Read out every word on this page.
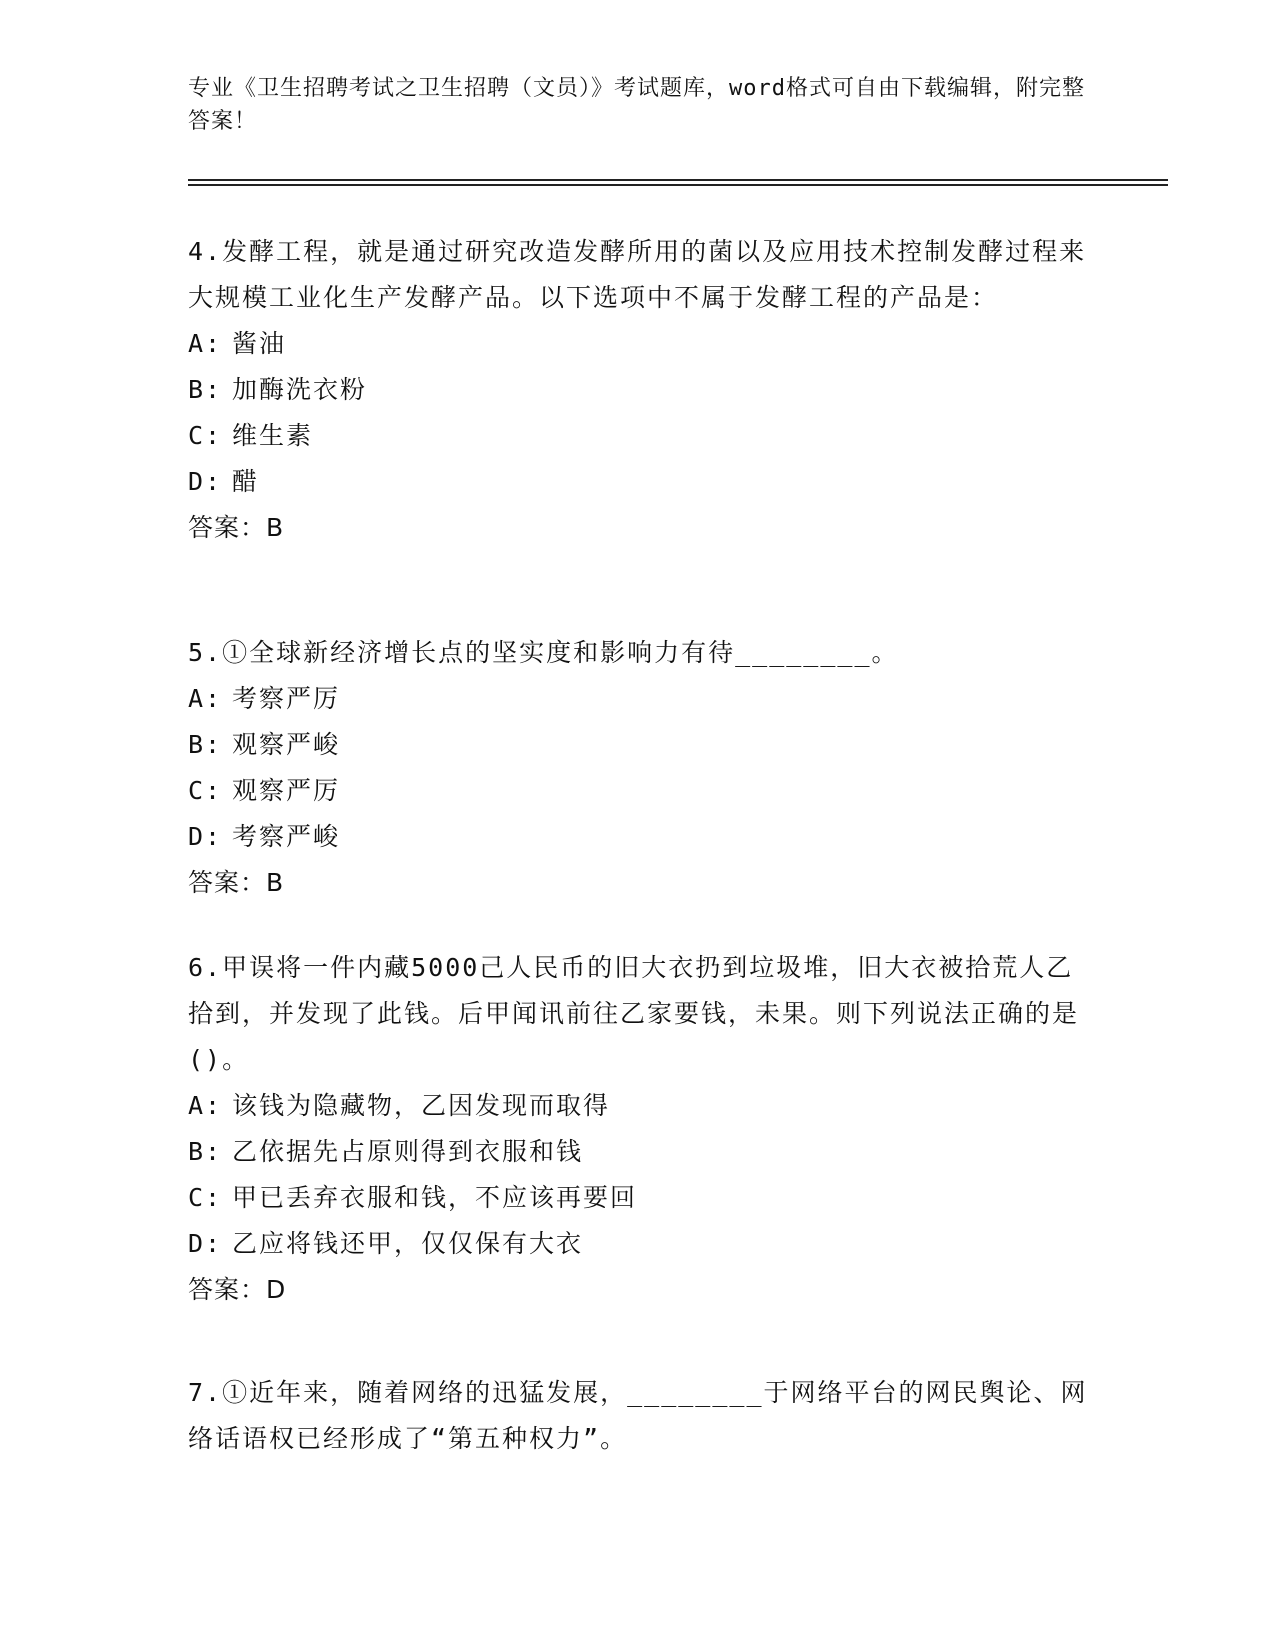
专业《卫生招聘考试之卫生招聘（文员）》考试题库，word格式可自由下载编辑，附完整答案！

4.发酵工程，就是通过研究改造发酵所用的菌以及应用技术控制发酵过程来大规模工业化生产发酵产品。以下选项中不属于发酵工程的产品是：

A: 酱油
B: 加酶洗衣粉
C: 维生素
D: 醋
答案：B

5.①全球新经济增长点的坚实度和影响力有待________。

A: 考察严厉
B: 观察严峻
C: 观察严厉
D: 考察严峻
答案：B

6.甲误将一件内藏5000己人民币的旧大衣扔到垃圾堆，旧大衣被拾荒人乙拾到，并发现了此钱。后甲闻讯前往乙家要钱，未果。则下列说法正确的是()。

A: 该钱为隐藏物，乙因发现而取得
B: 乙依据先占原则得到衣服和钱
C: 甲已丢弃衣服和钱，不应该再要回
D: 乙应将钱还甲，仅仅保有大衣
答案：D

7.①近年来，随着网络的迅猛发展，________于网络平台的网民舆论、网络话语权已经形成了“第五种权力”。
